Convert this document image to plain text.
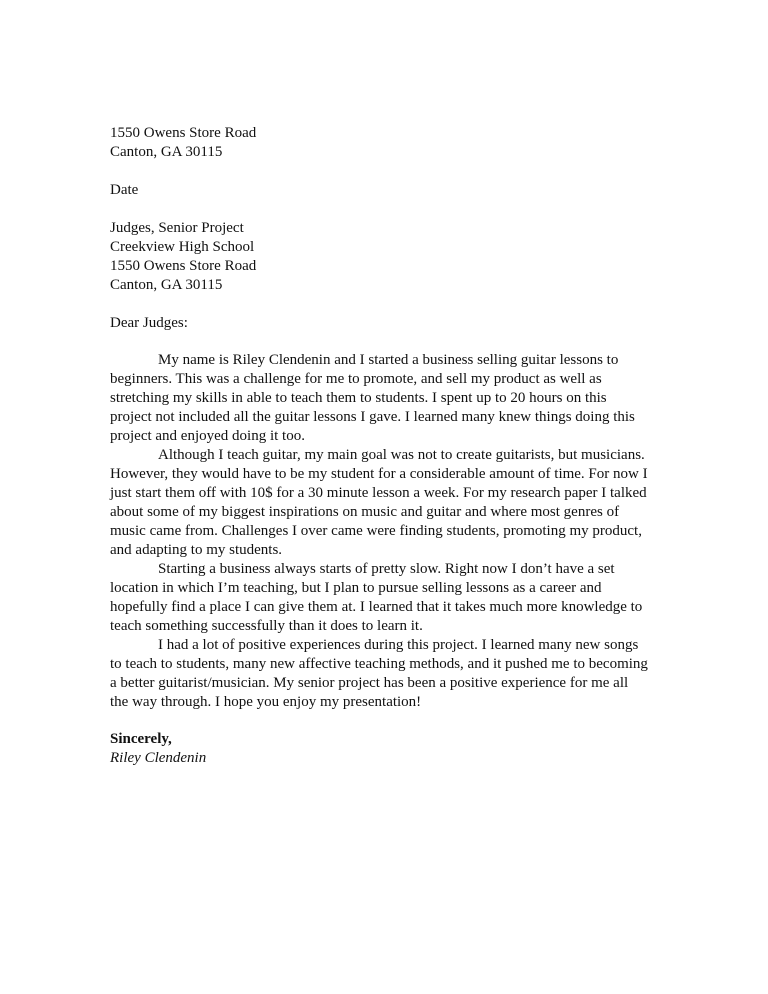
1550 Owens Store Road
Canton, GA 30115
Date
Judges, Senior Project
Creekview High School
1550 Owens Store Road
Canton, GA 30115
Dear Judges:
My name is Riley Clendenin and I started a business selling guitar lessons to
beginners. This was a challenge for me to promote, and sell my product as well as
stretching my skills in able to teach them to students. I spent up to 20 hours on this
project not included all the guitar lessons I gave. I learned many knew things doing this
project and enjoyed doing it too.
Although I teach guitar, my main goal was not to create guitarists, but musicians.
However, they would have to be my student for a considerable amount of time. For now I
just start them off with 10$ for a 30 minute lesson a week. For my research paper I talked
about some of my biggest inspirations on music and guitar and where most genres of
music came from. Challenges I over came were finding students, promoting my product,
and adapting to my students.
Starting a business always starts of pretty slow. Right now I don’t have a set
location in which I’m teaching, but I plan to pursue selling lessons as a career and
hopefully find a place I can give them at. I learned that it takes much more knowledge to
teach something successfully than it does to learn it.
I had a lot of positive experiences during this project. I learned many new songs
to teach to students, many new affective teaching methods, and it pushed me to becoming
a better guitarist/musician. My senior project has been a positive experience for me all
the way through. I hope you enjoy my presentation!
Sincerely,
Riley Clendenin
